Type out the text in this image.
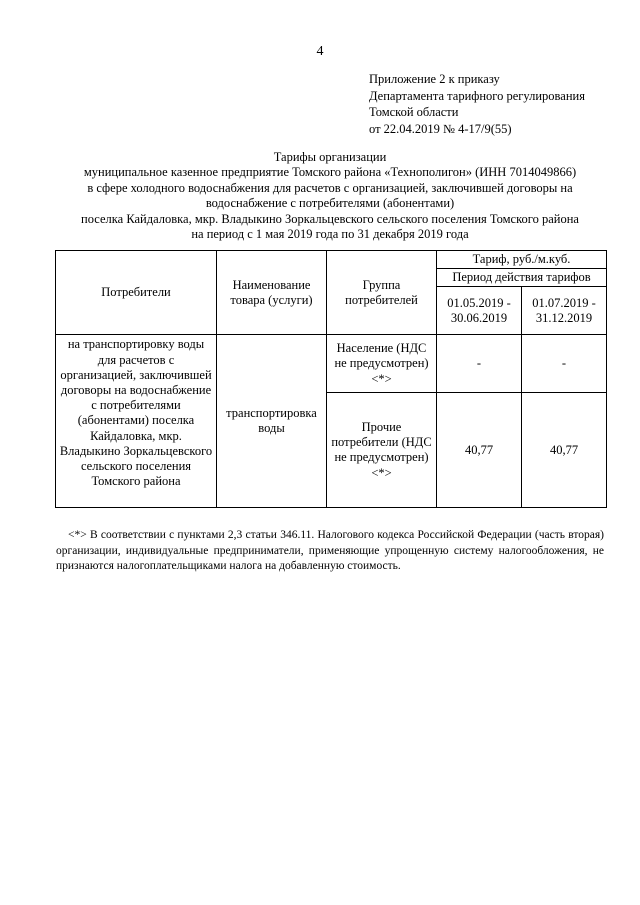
4
Приложение 2 к приказу
Департамента тарифного регулирования
Томской области
от 22.04.2019 № 4-17/9(55)
Тарифы организации
муниципальное казенное предприятие Томского района «Технополигон» (ИНН 7014049866)
в сфере холодного водоснабжения для расчетов с организацией, заключившей договоры на
водоснабжение с потребителями (абонентами)
поселка Кайдаловка, мкр. Владыкино Зоркальцевского сельского поселения Томского района
на период с 1 мая 2019 года по 31 декабря 2019 года
Потребители	Наименование товара (услуги)	Группа потребителей	Тариф, руб./м.куб.	
			Период действия тарифов	
			01.05.2019 - 30.06.2019	01.07.2019 - 31.12.2019
на транспортировку воды для расчетов с организацией, заключившей договоры на водоснабжение с потребителями (абонентами) поселка Кайдаловка, мкр. Владыкино Зоркальцевского сельского поселения Томского района	транспортировка воды	Население (НДС не предусмотрен) <*>	-	-
		Прочие потребители (НДС не предусмотрен) <*>	40,77	40,77
<*> В соответствии с пунктами 2,3 статьи 346.11. Налогового кодекса Российской Федерации (часть вторая) организации, индивидуальные предприниматели, применяющие упрощенную систему налогообложения, не признаются налогоплательщиками налога на добавленную стоимость.
